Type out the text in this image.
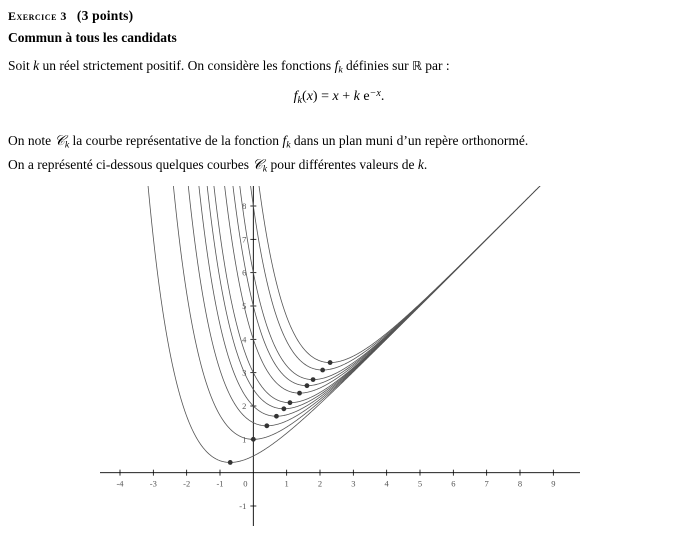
Exercice 3 (3 points)
Commun à tous les candidats
Soit k un réel strictement positif. On considère les fonctions $f_k$ définies sur ℝ par :
$f_k(x) = x + k$ $e^{-x}$.
On note 𝒞$_k$ la courbe représentative de la fonction $f_k$ dans un plan muni d’un repère orthonormé.
On a représenté ci-dessous quelques courbes 𝒞$_k$ pour différentes valeurs de k.
-4	-3	-2	-1 0	1	2	3	4	5	6	7	8	9
-1
1
2
3
4
5
6
7
8
